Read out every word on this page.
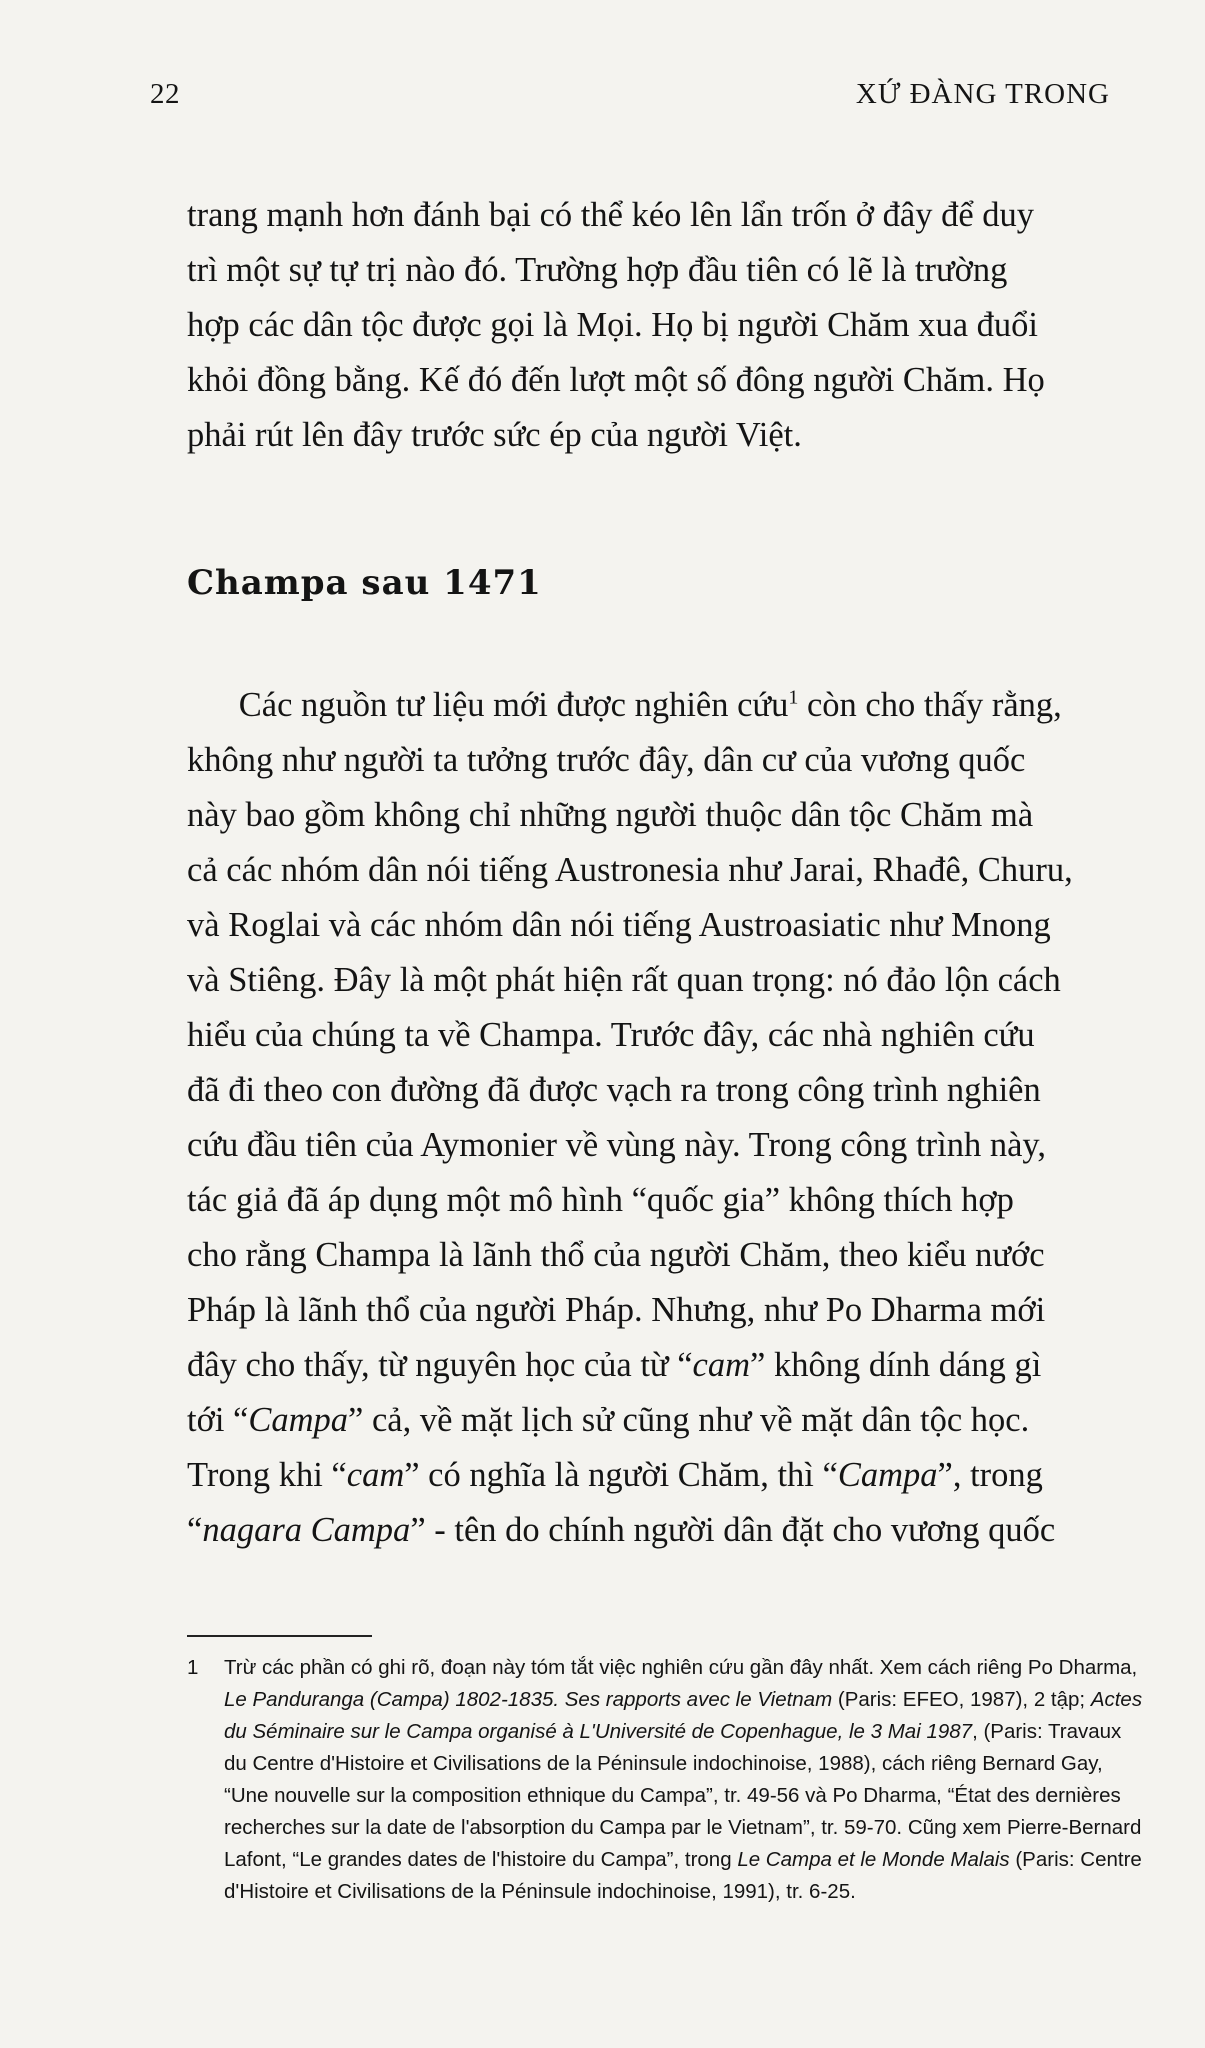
22	XỨ ĐÀNG TRONG

trang mạnh hơn đánh bại có thể kéo lên lẩn trốn ở đây để duy
trì một sự tự trị nào đó. Trường hợp đầu tiên có lẽ là trường
hợp các dân tộc được gọi là Mọi. Họ bị người Chăm xua đuổi
khỏi đồng bằng. Kế đó đến lượt một số đông người Chăm. Họ
phải rút lên đây trước sức ép của người Việt.

Champa sau 1471

  Các nguồn tư liệu mới được nghiên cứu$^1$ còn cho thấy rằng,
không như người ta tưởng trước đây, dân cư của vương quốc
này bao gồm không chỉ những người thuộc dân tộc Chăm mà
cả các nhóm dân nói tiếng Austronesia như Jarai, Rhađê, Churu,
và Roglai và các nhóm dân nói tiếng Austroasiatic như Mnong
và Stiêng. Đây là một phát hiện rất quan trọng: nó đảo lộn cách
hiểu của chúng ta về Champa. Trước đây, các nhà nghiên cứu
đã đi theo con đường đã được vạch ra trong công trình nghiên
cứu đầu tiên của Aymonier về vùng này. Trong công trình này,
tác giả đã áp dụng một mô hình “quốc gia” không thích hợp
cho rằng Champa là lãnh thổ của người Chăm, theo kiểu nước
Pháp là lãnh thổ của người Pháp. Nhưng, như Po Dharma mới
đây cho thấy, từ nguyên học của từ “cam” không dính dáng gì
tới “Campa” cả, về mặt lịch sử cũng như về mặt dân tộc học.
Trong khi “cam” có nghĩa là người Chăm, thì “Campa”, trong
“nagara Campa” - tên do chính người dân đặt cho vương quốc

1 Trừ các phần có ghi rõ, đoạn này tóm tắt việc nghiên cứu gần đây nhất. Xem cách riêng Po Dharma,
Le Panduranga (Campa) 1802-1835. Ses rapports avec le Vietnam (Paris: EFEO, 1987), 2 tập; Actes
du Séminaire sur le Campa organisé à L'Université de Copenhague, le 3 Mai 1987, (Paris: Travaux
du Centre d'Histoire et Civilisations de la Péninsule indochinoise, 1988), cách riêng Bernard Gay,
“Une nouvelle sur la composition ethnique du Campa”, tr. 49-56 và Po Dharma, “État des dernières
recherches sur la date de l'absorption du Campa par le Vietnam”, tr. 59-70. Cũng xem Pierre-Bernard
Lafont, “Le grandes dates de l'histoire du Campa”, trong Le Campa et le Monde Malais (Paris: Centre
d'Histoire et Civilisations de la Péninsule indochinoise, 1991), tr. 6-25.
